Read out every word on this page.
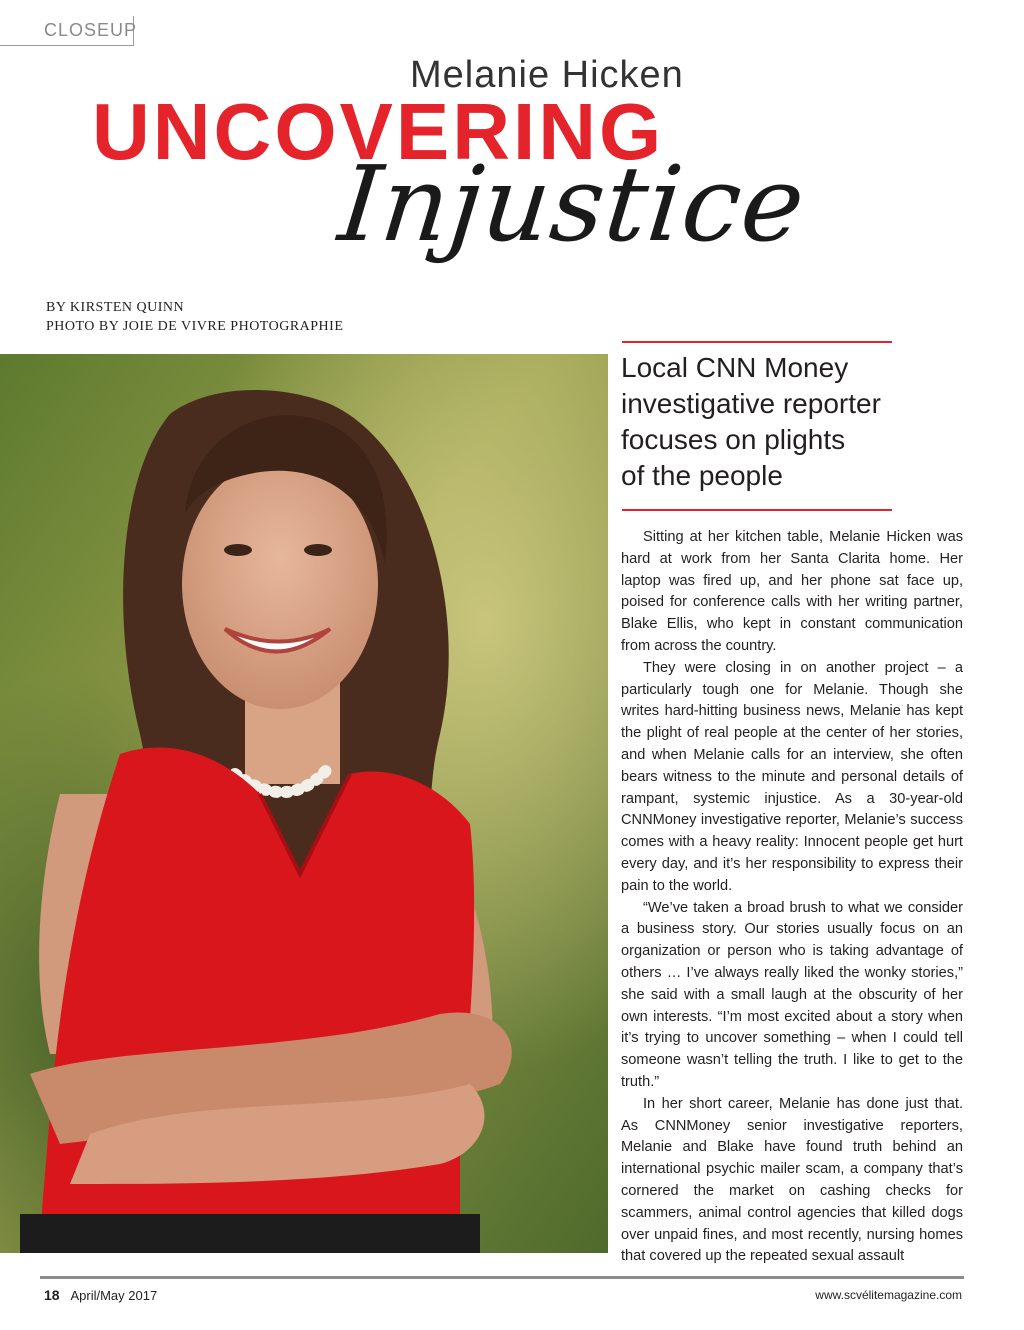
CLOSEUP
Melanie Hicken
UNCOVERING
Injustice
BY KIRSTEN QUINN
PHOTO BY JOIE DE VIVRE PHOTOGRAPHIE
Local CNN Money
investigative reporter
focuses on plights
of the people

Sitting at her kitchen table, Melanie Hicken was hard at work from her Santa Clarita home. Her laptop was fired up, and her phone sat face up, poised for conference calls with her writing partner, Blake Ellis, who kept in constant communication from across the country.

They were closing in on another project – a particularly tough one for Melanie. Though she writes hard-hitting business news, Melanie has kept the plight of real people at the center of her stories, and when Melanie calls for an interview, she often bears witness to the minute and personal details of rampant, systemic injustice. As a 30-year-old CNNMoney investigative reporter, Melanie’s success comes with a heavy reality: Innocent people get hurt every day, and it’s her responsibility to express their pain to the world.

“We’ve taken a broad brush to what we consider a business story. Our stories usually focus on an organization or person who is taking advantage of others … I’ve always really liked the wonky stories,” she said with a small laugh at the obscurity of her own interests. “I’m most excited about a story when it’s trying to uncover something – when I could tell someone wasn’t telling the truth. I like to get to the truth.”

In her short career, Melanie has done just that. As CNNMoney senior investigative reporters, Melanie and Blake have found truth behind an international psychic mailer scam, a company that’s cornered the market on cashing checks for scammers, animal control agencies that killed dogs over unpaid fines, and most recently, nursing homes that covered up the repeated sexual assault

18 April/May 2017	www.scvélitemagazine.com
